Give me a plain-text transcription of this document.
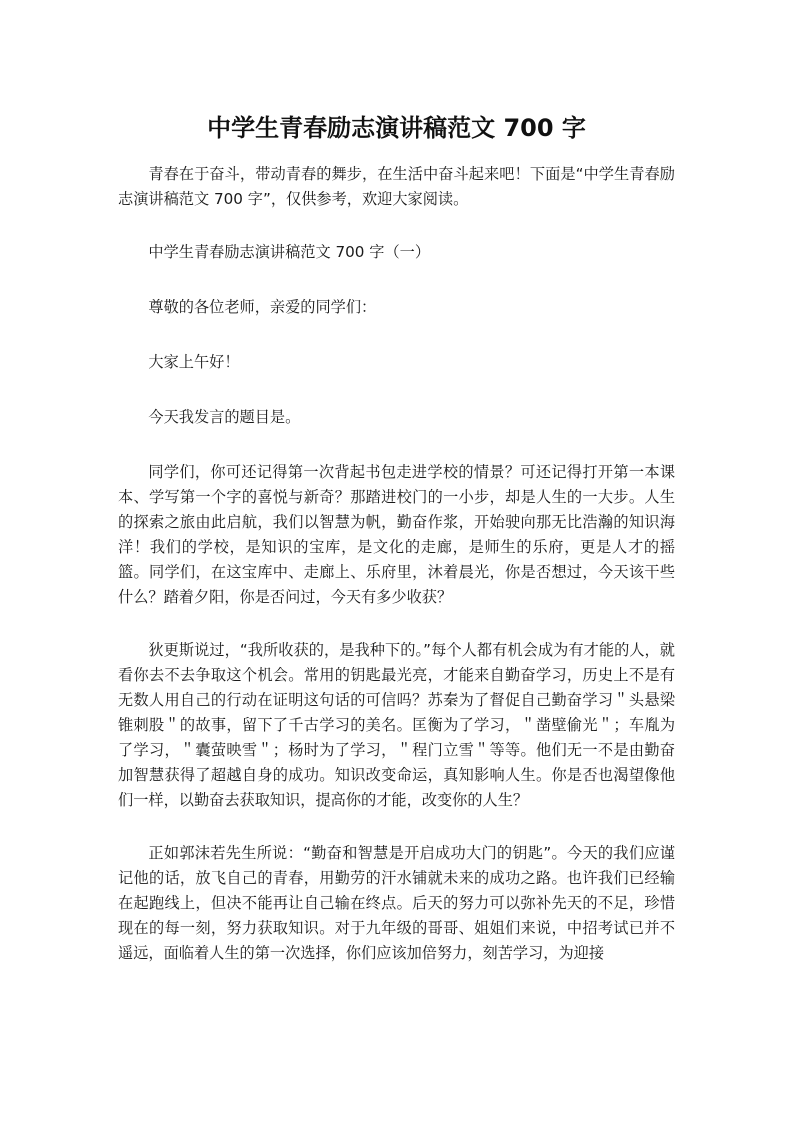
中学生青春励志演讲稿范文 700 字

青春在于奋斗，带动青春的舞步，在生活中奋斗起来吧！下面是“中学生青春励志演讲稿范文 700 字”，仅供参考，欢迎大家阅读。

中学生青春励志演讲稿范文 700 字（一）

尊敬的各位老师，亲爱的同学们：

大家上午好！

今天我发言的题目是。

同学们，你可还记得第一次背起书包走进学校的情景？可还记得打开第一本课本、学写第一个字的喜悦与新奇？那踏进校门的一小步，却是人生的一大步。人生的探索之旅由此启航，我们以智慧为帆，勤奋作浆，开始驶向那无比浩瀚的知识海洋！我们的学校，是知识的宝库，是文化的走廊，是师生的乐府，更是人才的摇篮。同学们，在这宝库中、走廊上、乐府里，沐着晨光，你是否想过，今天该干些什么？踏着夕阳，你是否问过，今天有多少收获？

狄更斯说过，“我所收获的，是我种下的。”每个人都有机会成为有才能的人，就看你去不去争取这个机会。常用的钥匙最光亮，才能来自勤奋学习，历史上不是有无数人用自己的行动在证明这句话的可信吗？苏秦为了督促自己勤奋学习＂头悬梁锥刺股＂的故事，留下了千古学习的美名。匡衡为了学习，＂凿壁偷光＂；车胤为了学习，＂囊萤映雪＂；杨时为了学习，＂程门立雪＂等等。他们无一不是由勤奋加智慧获得了超越自身的成功。知识改变命运，真知影响人生。你是否也渴望像他们一样，以勤奋去获取知识，提高你的才能，改变你的人生？

正如郭沫若先生所说：“勤奋和智慧是开启成功大门的钥匙”。今天的我们应谨记他的话，放飞自己的青春，用勤劳的汗水铺就未来的成功之路。也许我们已经输在起跑线上，但决不能再让自己输在终点。后天的努力可以弥补先天的不足，珍惜现在的每一刻，努力获取知识。对于九年级的哥哥、姐姐们来说，中招考试已并不遥远，面临着人生的第一次选择，你们应该加倍努力，刻苦学习，为迎接
